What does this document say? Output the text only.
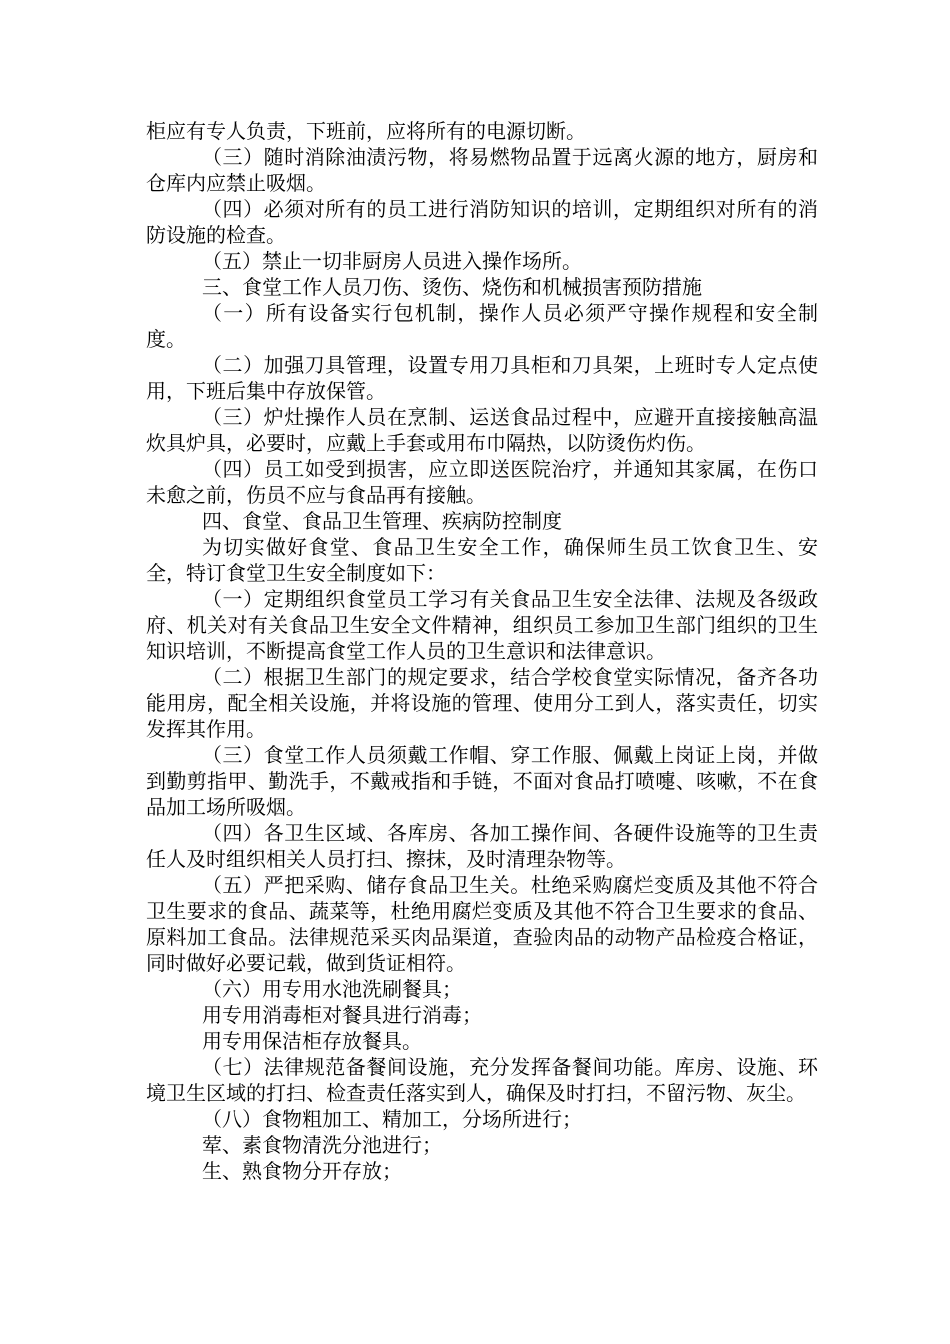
柜应有专人负责，下班前，应将所有的电源切断。

（三）随时消除油渍污物，将易燃物品置于远离火源的地方，厨房和仓库内应禁止吸烟。

（四）必须对所有的员工进行消防知识的培训，定期组织对所有的消防设施的检查。

（五）禁止一切非厨房人员进入操作场所。

三、食堂工作人员刀伤、烫伤、烧伤和机械损害预防措施

（一）所有设备实行包机制，操作人员必须严守操作规程和安全制度。

（二）加强刀具管理，设置专用刀具柜和刀具架，上班时专人定点使用，下班后集中存放保管。

（三）炉灶操作人员在烹制、运送食品过程中，应避开直接接触高温炊具炉具，必要时，应戴上手套或用布巾隔热，以防烫伤灼伤。

（四）员工如受到损害，应立即送医院治疗，并通知其家属，在伤口未愈之前，伤员不应与食品再有接触。

四、食堂、食品卫生管理、疾病防控制度

为切实做好食堂、食品卫生安全工作，确保师生员工饮食卫生、安全，特订食堂卫生安全制度如下：

（一）定期组织食堂员工学习有关食品卫生安全法律、法规及各级政府、机关对有关食品卫生安全文件精神，组织员工参加卫生部门组织的卫生知识培训，不断提高食堂工作人员的卫生意识和法律意识。

（二）根据卫生部门的规定要求，结合学校食堂实际情况，备齐各功能用房，配全相关设施，并将设施的管理、使用分工到人，落实责任，切实发挥其作用。

（三）食堂工作人员须戴工作帽、穿工作服、佩戴上岗证上岗，并做到勤剪指甲、勤洗手，不戴戒指和手链，不面对食品打喷嚏、咳嗽，不在食品加工场所吸烟。

（四）各卫生区域、各库房、各加工操作间、各硬件设施等的卫生责任人及时组织相关人员打扫、擦抹，及时清理杂物等。

（五）严把采购、储存食品卫生关。杜绝采购腐烂变质及其他不符合卫生要求的食品、蔬菜等，杜绝用腐烂变质及其他不符合卫生要求的食品、原料加工食品。法律规范采买肉品渠道，查验肉品的动物产品检疫合格证，同时做好必要记载，做到货证相符。

（六）用专用水池洗刷餐具；

用专用消毒柜对餐具进行消毒；

用专用保洁柜存放餐具。

（七）法律规范备餐间设施，充分发挥备餐间功能。库房、设施、环境卫生区域的打扫、检查责任落实到人，确保及时打扫，不留污物、灰尘。

（八）食物粗加工、精加工，分场所进行；

荤、素食物清洗分池进行；

生、熟食物分开存放；
